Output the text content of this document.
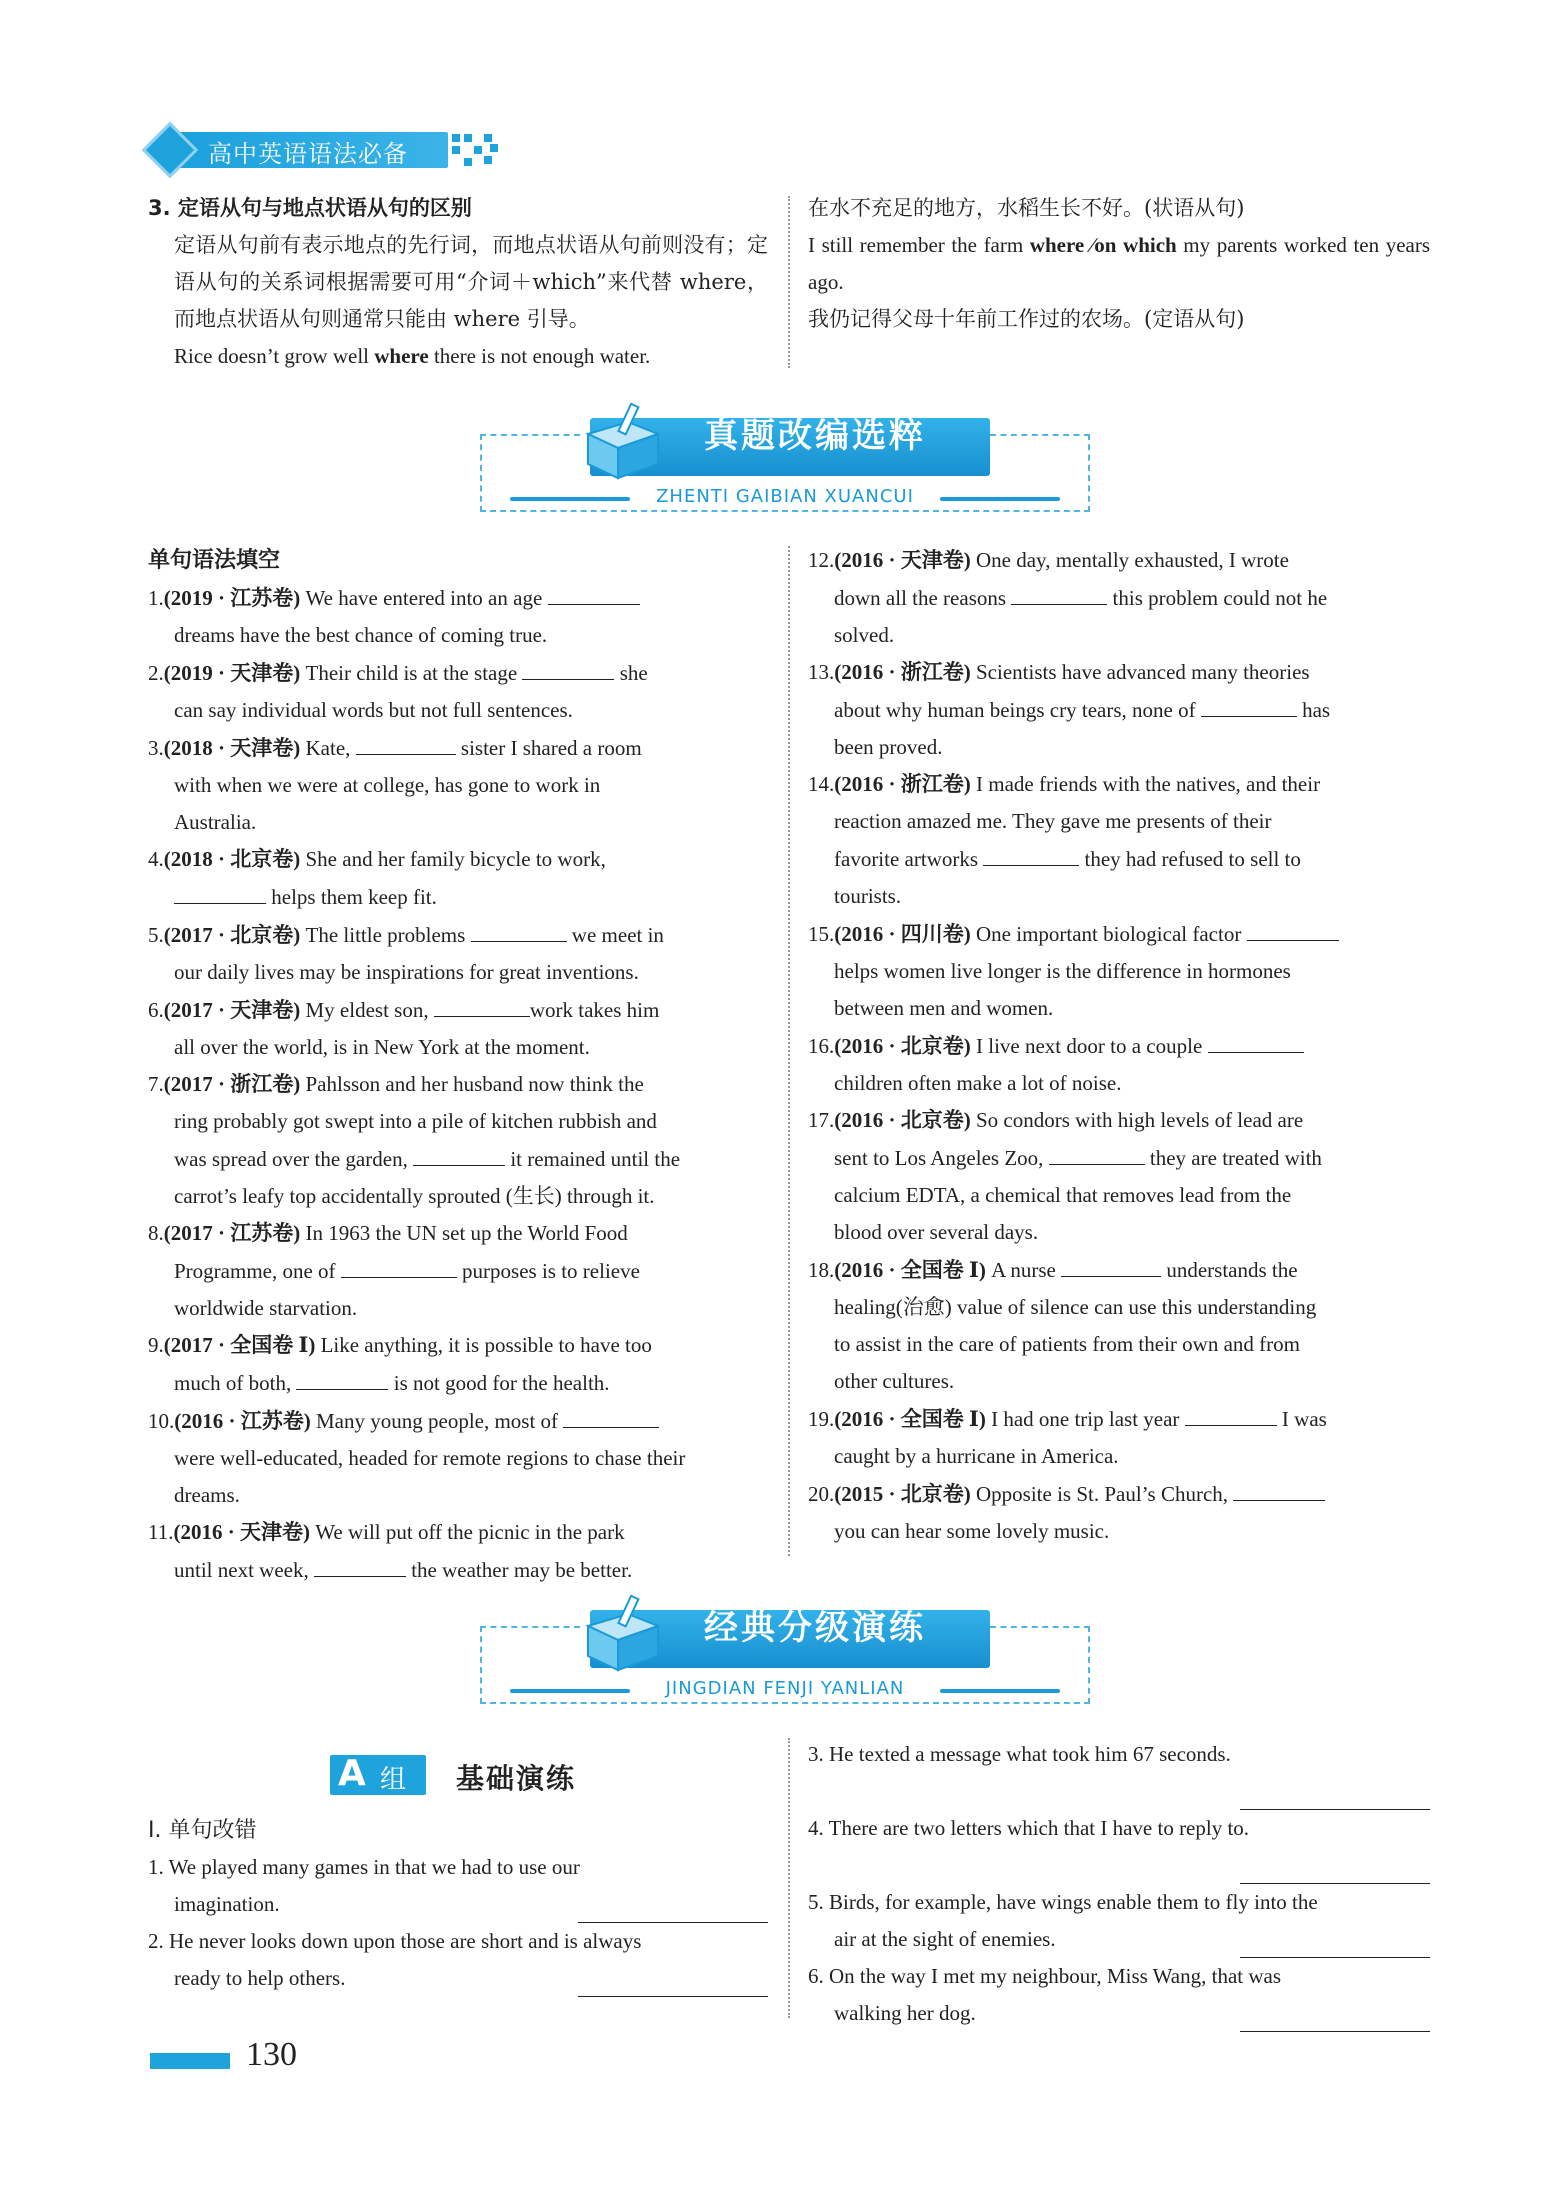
高中英语语法必备
3. 定语从句与地点状语从句的区别
定语从句前有表示地点的先行词，而地点状语从句前则没有；定语从句的关系词根据需要可用“介词＋which”来代替 where，而地点状语从句则通常只能由 where 引导。
Rice doesn’t grow well where there is not enough water.
在水不充足的地方，水稻生长不好。(状语从句)
I still remember the farm where ∕on which my parents worked ten years ago.
我仍记得父母十年前工作过的农场。(定语从句)
真题改编选粹
ZHENTI GAIBIAN XUANCUI
单句语法填空
1.(2019 · 江苏卷) We have entered into an age
dreams have the best chance of coming true.
2.(2019 · 天津卷) Their child is at the stage	she
can say individual words but not full sentences.
3.(2018 · 天津卷) Kate,	sister I shared a room
with when we were at college, has gone to work in
Australia.
4.(2018 · 北京卷) She and her family bicycle to work,
helps them keep fit.
5.(2017 · 北京卷) The little problems	we meet in
our daily lives may be inspirations for great inventions.
6.(2017 · 天津卷) My eldest son,	work takes him
all over the world, is in New York at the moment.
7.(2017 · 浙江卷) Pahlsson and her husband now think the
ring probably got swept into a pile of kitchen rubbish and
was spread over the garden,	it remained until the
carrot’s leafy top accidentally sprouted (生长) through it.
8.(2017 · 江苏卷) In 1963 the UN set up the World Food
Programme, one of	purposes is to relieve
worldwide starvation.
9.(2017 · 全国卷 Ⅰ) Like anything, it is possible to have too
much of both,	is not good for the health.
10.(2016 · 江苏卷) Many young people, most of
were well-educated, headed for remote regions to chase their
dreams.
11.(2016 · 天津卷) We will put off the picnic in the park
until next week,	the weather may be better.
12.(2016 · 天津卷) One day, mentally exhausted, I wrote
down all the reasons	this problem could not he
solved.
13.(2016 · 浙江卷) Scientists have advanced many theories
about why human beings cry tears, none of	has
been proved.
14.(2016 · 浙江卷) I made friends with the natives, and their
reaction amazed me. They gave me presents of their
favorite artworks	they had refused to sell to
tourists.
15.(2016 · 四川卷) One important biological factor
helps women live longer is the difference in hormones
between men and women.
16.(2016 · 北京卷) I live next door to a couple
children often make a lot of noise.
17.(2016 · 北京卷) So condors with high levels of lead are
sent to Los Angeles Zoo,	they are treated with
calcium EDTA, a chemical that removes lead from the
blood over several days.
18.(2016 · 全国卷 Ⅰ) A nurse	understands the
healing(治愈) value of silence can use this understanding
to assist in the care of patients from their own and from
other cultures.
19.(2016 · 全国卷 Ⅰ) I had one trip last year	I was
caught by a hurricane in America.
20.(2015 · 北京卷) Opposite is St. Paul’s Church,
you can hear some lovely music.
经典分级演练
JINGDIAN FENJI YANLIAN
A 组 基础演练
Ⅰ. 单句改错
1. We played many games in that we had to use our
imagination.
2. He never looks down upon those are short and is always
ready to help others.
3. He texted a message what took him 67 seconds.
4. There are two letters which that I have to reply to.
5. Birds, for example, have wings enable them to fly into the
air at the sight of enemies.
6. On the way I met my neighbour, Miss Wang, that was
walking her dog.
130
